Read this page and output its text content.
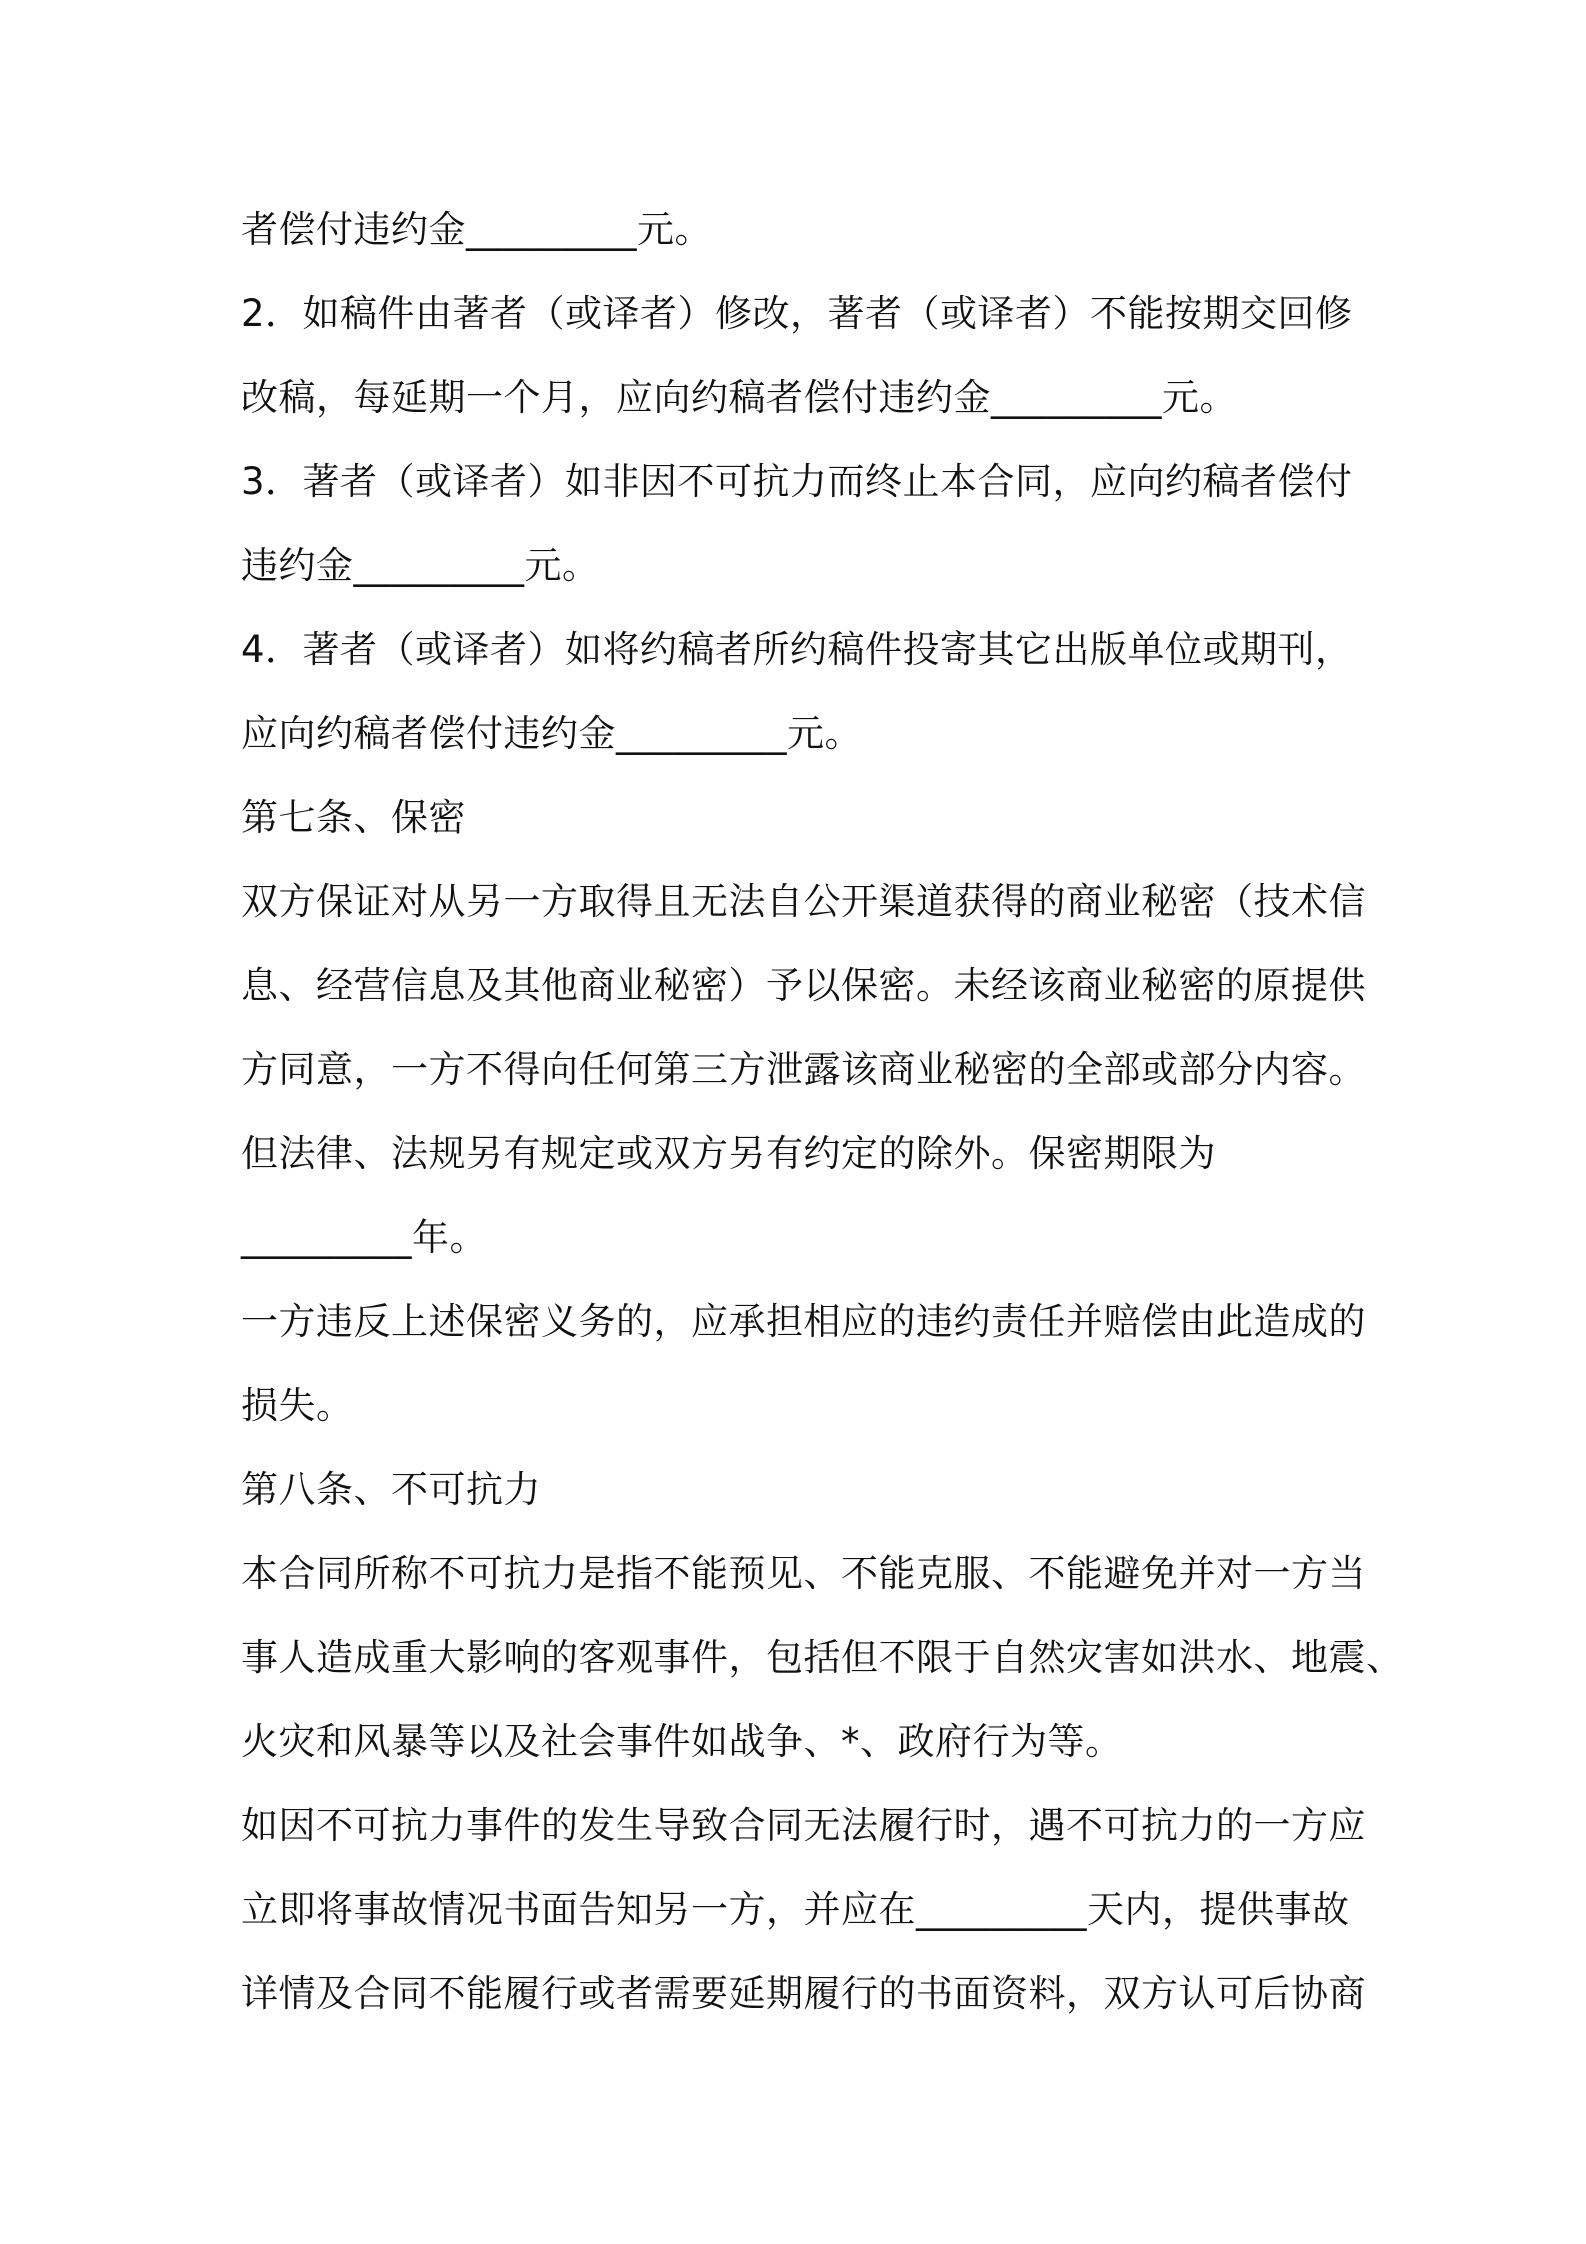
者偿付违约金_________元。
2．如稿件由著者（或译者）修改，著者（或译者）不能按期交回修
改稿，每延期一个月，应向约稿者偿付违约金_________元。
3．著者（或译者）如非因不可抗力而终止本合同，应向约稿者偿付
违约金_________元。
4．著者（或译者）如将约稿者所约稿件投寄其它出版单位或期刊，
应向约稿者偿付违约金_________元。
第七条、保密
双方保证对从另一方取得且无法自公开渠道获得的商业秘密（技术信
息、经营信息及其他商业秘密）予以保密。未经该商业秘密的原提供
方同意，一方不得向任何第三方泄露该商业秘密的全部或部分内容。
但法律、法规另有规定或双方另有约定的除外。保密期限为
_________年。
一方违反上述保密义务的，应承担相应的违约责任并赔偿由此造成的
损失。
第八条、不可抗力
本合同所称不可抗力是指不能预见、不能克服、不能避免并对一方当
事人造成重大影响的客观事件，包括但不限于自然灾害如洪水、地震、
火灾和风暴等以及社会事件如战争、*、政府行为等。
如因不可抗力事件的发生导致合同无法履行时，遇不可抗力的一方应
立即将事故情况书面告知另一方，并应在_________天内，提供事故
详情及合同不能履行或者需要延期履行的书面资料，双方认可后协商
